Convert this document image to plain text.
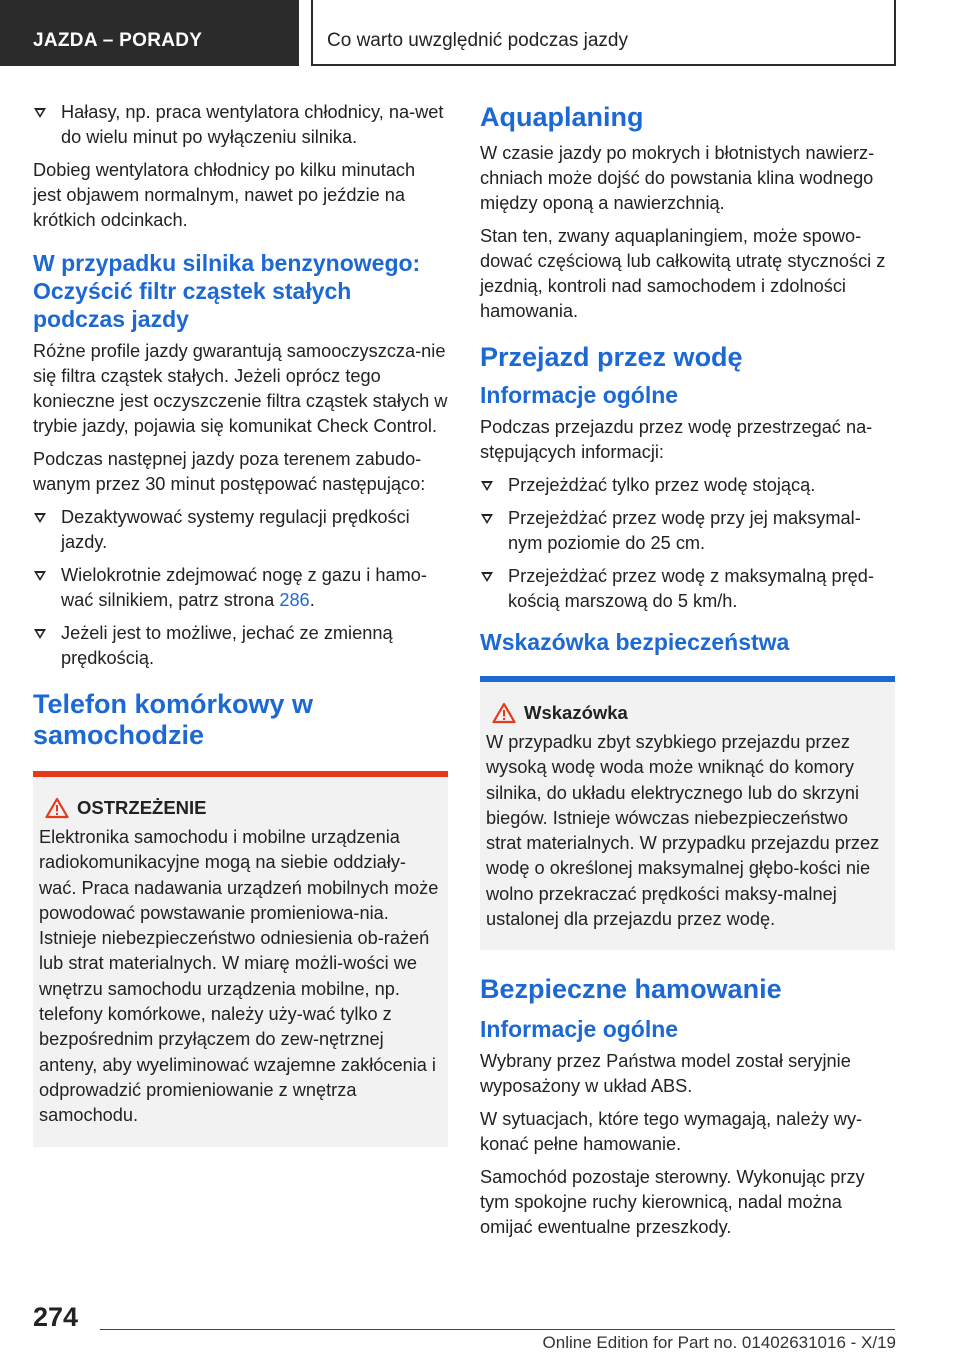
JAZDA – PORADY	Co warto uwzględnić podczas jazdy
Hałasy, np. praca wentylatora chłodnicy, na-wet do wielu minut po wyłączeniu silnika.

Dobieg wentylatora chłodnicy po kilku minutach jest objawem normalnym, nawet po jeździe na krótkich odcinkach.

W przypadku silnika benzynowego: Oczyścić filtr cząstek stałych podczas jazdy

Różne profile jazdy gwarantują samooczyszcza-nie się filtra cząstek stałych. Jeżeli oprócz tego konieczne jest oczyszczenie filtra cząstek stałych w trybie jazdy, pojawia się komunikat Check Control.

Podczas następnej jazdy poza terenem zabudo-wanym przez 30 minut postępować następująco:

Dezaktywować systemy regulacji prędkości jazdy.
Wielokrotnie zdejmować nogę z gazu i hamo-wać silnikiem, patrz strona 286.
Jeżeli jest to możliwe, jechać ze zmienną prędkością.
Telefon komórkowy w samochodzie
OSTRZEŻENIE

Elektronika samochodu i mobilne urządzenia radiokomunikacyjne mogą na siebie oddziały-wać. Praca nadawania urządzeń mobilnych może powodować powstawanie promieniowa-nia. Istnieje niebezpieczeństwo odniesienia ob-rażeń lub strat materialnych. W miarę możli-wości we wnętrzu samochodu urządzenia mobilne, np. telefony komórkowe, należy uży-wać tylko z bezpośrednim przyłączem do zew-nętrznej anteny, aby wyeliminować wzajemne zakłócenia i odprowadzić promieniowanie z wnętrza samochodu.

Aquaplaning

W czasie jazdy po mokrych i błotnistych nawierz-chniach może dojść do powstania klina wodnego między oponą a nawierzchnią.

Stan ten, zwany aquaplaningiem, może spowo-dować częściową lub całkowitą utratę styczności z jezdnią, kontroli nad samochodem i zdolności hamowania.

Przejazd przez wodę
Informacje ogólne

Podczas przejazdu przez wodę przestrzegać na-stępujących informacji:

Przejeżdżać tylko przez wodę stojącą.
Przejeżdżać przez wodę przy jej maksymal-nym poziomie do 25 cm.
Przejeżdżać przez wodę z maksymalną pręd-kością marszową do 5 km/h.
Wskazówka bezpieczeństwa
Wskazówka

W przypadku zbyt szybkiego przejazdu przez wysoką wodę woda może wniknąć do komory silnika, do układu elektrycznego lub do skrzyni biegów. Istnieje wówczas niebezpieczeństwo strat materialnych. W przypadku przejazdu przez wodę o określonej maksymalnej głębo-kości nie wolno przekraczać prędkości maksy-malnej ustalonej dla przejazdu przez wodę.

Bezpieczne hamowanie
Informacje ogólne

Wybrany przez Państwa model został seryjnie wyposażony w układ ABS.

W sytuacjach, które tego wymagają, należy wy-konać pełne hamowanie.

Samochód pozostaje sterowny. Wykonując przy tym spokojne ruchy kierownicą, nadal można omijać ewentualne przeszkody.

274
Online Edition for Part no. 01402631016 - X/19
